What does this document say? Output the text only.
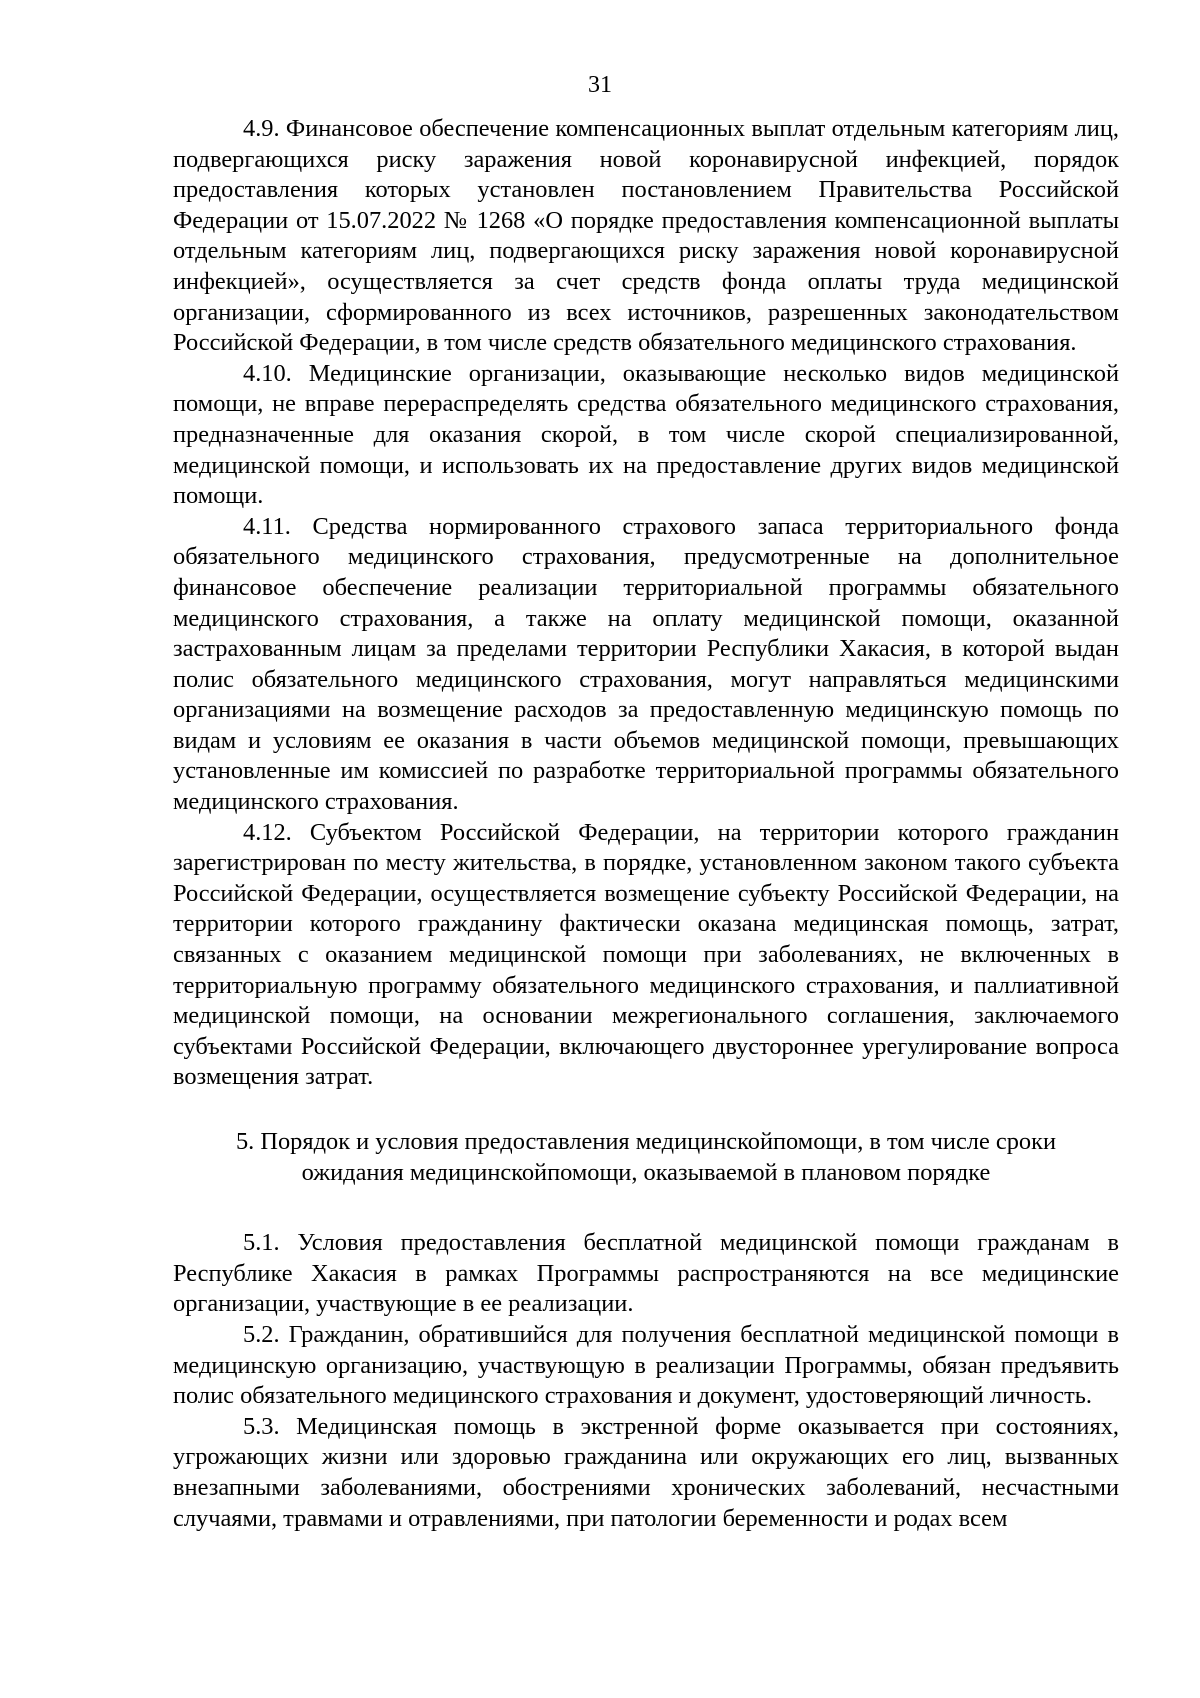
31

4.9. Финансовое обеспечение компенсационных выплат отдельным категориям лиц, подвергающихся риску заражения новой коронавирусной инфекцией, порядок предоставления которых установлен постановлением Правительства Российской Федерации от 15.07.2022 № 1268 «О порядке предоставления компенсационной выплаты отдельным категориям лиц, подвергающихся риску заражения новой коронавирусной инфекцией», осуществляется за счет средств фонда оплаты труда медицинской организации, сформированного из всех источников, разрешенных законодательством Российской Федерации, в том числе средств обязательного медицинского страхования.

4.10. Медицинские организации, оказывающие несколько видов медицинской помощи, не вправе перераспределять средства обязательного медицинского страхования, предназначенные для оказания скорой, в том числе скорой специализированной, медицинской помощи, и использовать их на предоставление других видов медицинской помощи.

4.11. Средства нормированного страхового запаса территориального фонда обязательного медицинского страхования, предусмотренные на дополнительное финансовое обеспечение реализации территориальной программы обязательного медицинского страхования, а также на оплату медицинской помощи, оказанной застрахованным лицам за пределами территории Республики Хакасия, в которой выдан полис обязательного медицинского страхования, могут направляться медицинскими организациями на возмещение расходов за предоставленную медицинскую помощь по видам и условиям ее оказания в части объемов медицинской помощи, превышающих установленные им комиссией по разработке территориальной программы обязательного медицинского страхования.

4.12. Субъектом Российской Федерации, на территории которого гражданин зарегистрирован по месту жительства, в порядке, установленном законом такого субъекта Российской Федерации, осуществляется возмещение субъекту Российской Федерации, на территории которого гражданину фактически оказана медицинская помощь, затрат, связанных с оказанием медицинской помощи при заболеваниях, не включенных в территориальную программу обязательного медицинского страхования, и паллиативной медицинской помощи, на основании межрегионального соглашения, заключаемого субъектами Российской Федерации, включающего двустороннее урегулирование вопроса возмещения затрат.

5. Порядок и условия предоставления медицинскойпомощи, в том числе сроки
ожидания медицинскойпомощи, оказываемой в плановом порядке

5.1. Условия предоставления бесплатной медицинской помощи гражданам в Республике Хакасия в рамках Программы распространяются на все медицинские организации, участвующие в ее реализации.

5.2. Гражданин, обратившийся для получения бесплатной медицинской помощи в медицинскую организацию, участвующую в реализации Программы, обязан предъявить полис обязательного медицинского страхования и документ, удостоверяющий личность.

5.3. Медицинская помощь в экстренной форме оказывается при состояниях, угрожающих жизни или здоровью гражданина или окружающих его лиц, вызванных внезапными заболеваниями, обострениями хронических заболеваний, несчастными случаями, травмами и отравлениями, при патологии беременности и родах всем
